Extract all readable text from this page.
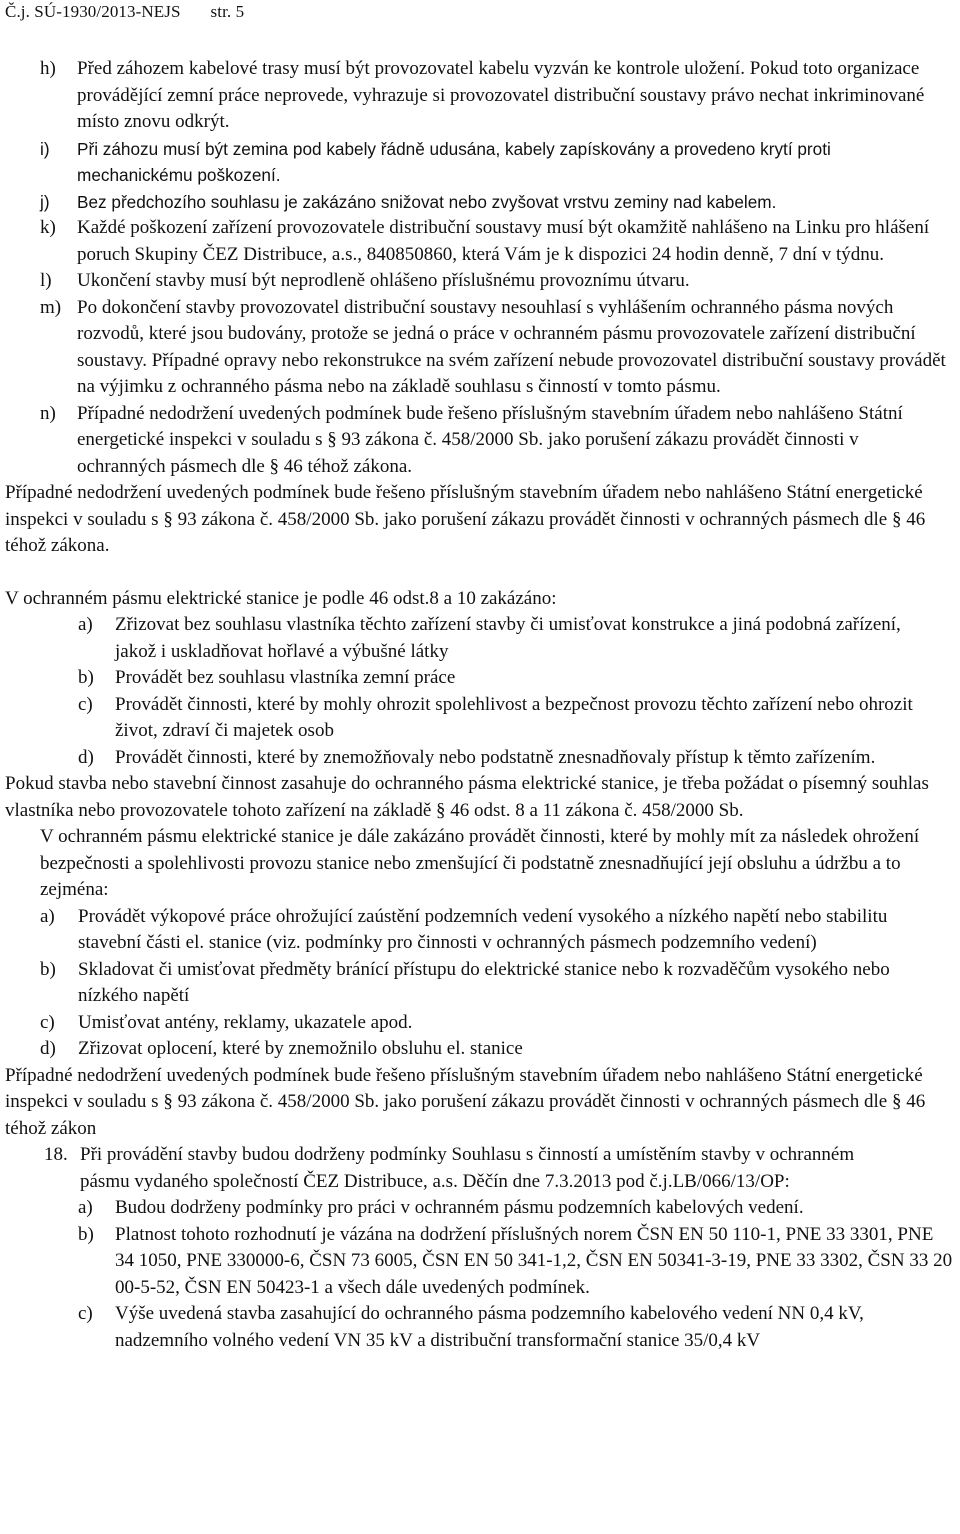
Č.j. SÚ-1930/2013-NEJS str. 5
h)	Před záhozem kabelové trasy musí být provozovatel kabelu vyzván ke kontrole uložení. Pokud toto organizace provádějící zemní práce neprovede, vyhrazuje si provozovatel distribuční soustavy právo nechat inkriminované místo znovu odkrýt.
i)	Při záhozu musí být zemina pod kabely řádně udusána, kabely zapískovány a provedeno krytí proti mechanickému poškození.
j)	Bez předchozího souhlasu je zakázáno snižovat nebo zvyšovat vrstvu zeminy nad kabelem.
k)	Každé poškození zařízení provozovatele distribuční soustavy musí být okamžitě nahlášeno na Linku pro hlášení poruch Skupiny ČEZ Distribuce, a.s., 840850860, která Vám je k dispozici 24 hodin denně, 7 dní v týdnu.
l)	Ukončení stavby musí být neprodleně ohlášeno příslušnému provoznímu útvaru.
m) Po dokončení stavby provozovatel distribuční soustavy nesouhlasí s vyhlášením ochranného pásma nových rozvodů, které jsou budovány, protože se jedná o práce v ochranném pásmu provozovatele zařízení distribuční soustavy. Případné opravy nebo rekonstrukce na svém zařízení nebude provozovatel distribuční soustavy provádět na výjimku z ochranného pásma nebo na základě souhlasu s činností v tomto pásmu.
n)	Případné nedodržení uvedených podmínek bude řešeno příslušným stavebním úřadem nebo nahlášeno Státní energetické inspekci v souladu s § 93 zákona č. 458/2000 Sb. jako porušení zákazu provádět činnosti v ochranných pásmech dle § 46 téhož zákona.
Případné nedodržení uvedených podmínek bude řešeno příslušným stavebním úřadem nebo nahlášeno Státní energetické inspekci v souladu s § 93 zákona č. 458/2000 Sb. jako porušení zákazu provádět činnosti v ochranných pásmech dle § 46 téhož zákona.
V ochranném pásmu elektrické stanice je podle 46 odst.8 a 10 zakázáno:
a)	Zřizovat bez souhlasu vlastníka těchto zařízení stavby či umisťovat konstrukce a jiná podobná zařízení, jakož i uskladňovat hořlavé a výbušné látky
b)	Provádět bez souhlasu vlastníka zemní práce
c)	Provádět činnosti, které by mohly ohrozit spolehlivost a bezpečnost provozu těchto zařízení nebo ohrozit život, zdraví či majetek osob
d)	Provádět činnosti, které by znemožňovaly nebo podstatně znesnadňovaly přístup k těmto zařízením.
Pokud stavba nebo stavební činnost zasahuje do ochranného pásma elektrické stanice, je třeba požádat o písemný souhlas vlastníka nebo provozovatele tohoto zařízení na základě § 46 odst. 8 a 11 zákona č. 458/2000 Sb.
V ochranném pásmu elektrické stanice je dále zakázáno provádět činnosti, které by mohly mít za následek ohrožení bezpečnosti a spolehlivosti provozu stanice nebo zmenšující či podstatně znesnadňující její obsluhu a údržbu a to zejména:
a)	Provádět výkopové práce ohrožující zaústění podzemních vedení vysokého a nízkého napětí nebo stabilitu stavební části el. stanice (viz. podmínky pro činnosti v ochranných pásmech podzemního vedení)
b)	Skladovat či umisťovat předměty bránící přístupu do elektrické stanice nebo k rozvaděčům vysokého nebo nízkého napětí
c)	Umisťovat antény, reklamy, ukazatele apod.
d)	Zřizovat oplocení, které by znemožnilo obsluhu el. stanice
Případné nedodržení uvedených podmínek bude řešeno příslušným stavebním úřadem nebo nahlášeno Státní energetické inspekci v souladu s § 93 zákona č. 458/2000 Sb. jako porušení zákazu provádět činnosti v ochranných pásmech dle § 46 téhož zákon
18. Při provádění stavby budou dodrženy podmínky Souhlasu s činností a umístěním stavby v ochranném pásmu vydaného společností ČEZ Distribuce, a.s. Děčín dne 7.3.2013 pod č.j.LB/066/13/OP:
a)	Budou dodrženy podmínky pro práci v ochranném pásmu podzemních kabelových vedení.
b)	Platnost tohoto rozhodnutí je vázána na dodržení příslušných norem ČSN EN 50 110-1, PNE 33 3301, PNE 34 1050, PNE 330000-6, ČSN 73 6005, ČSN EN 50 341-1,2, ČSN EN 50341-3-19, PNE 33 3302, ČSN 33 20 00-5-52, ČSN EN 50423-1 a všech dále uvedených podmínek.
c)	Výše uvedená stavba zasahující do ochranného pásma podzemního kabelového vedení NN 0,4 kV, nadzemního volného vedení VN 35 kV a distribuční transformační stanice 35/0,4 kV
